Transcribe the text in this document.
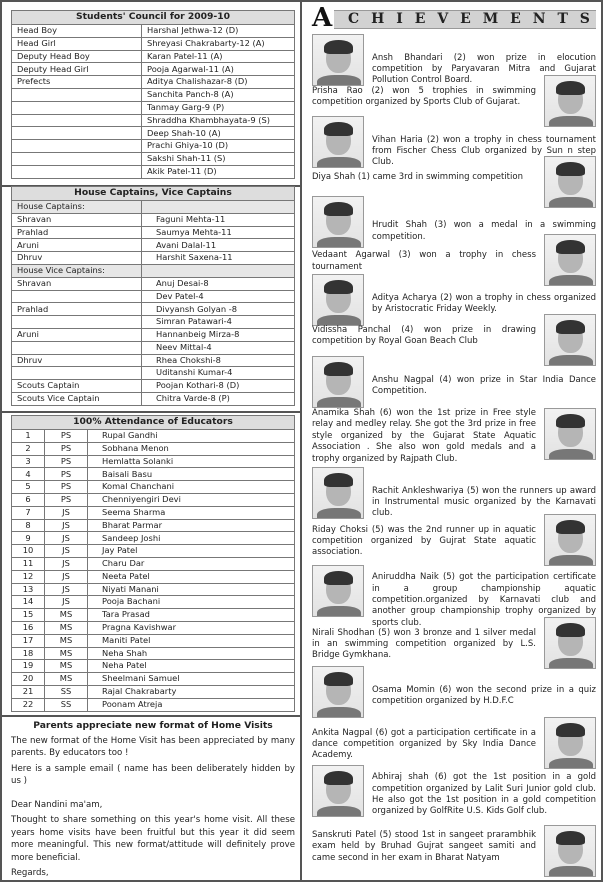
Students' Council for 2009-10	
Head Boy	Harshal Jethwa-12 (D)
Head Girl	Shreyasi Chakrabarty-12 (A)
Deputy Head Boy	Karan Patel-11 (A)
Deputy Head Girl	Pooja Agarwal-11 (A)
Prefects	Aditya Chalishazar-8 (D)
	Sanchita Panch-8 (A)
	Tanmay Garg-9 (P)
	Shraddha Khambhayata-9 (S)
	Deep Shah-10 (A)
	Prachi Ghiya-10 (D)
	Sakshi Shah-11 (S)
	Akik Patel-11 (D)
House Captains, Vice Captains	
House Captains:	
Shravan	Faguni Mehta-11
Prahlad	Saumya Mehta-11
Aruni	Avani Dalal-11
Dhruv	Harshit Saxena-11
House Vice Captains:	
Shravan	Anuj Desai-8
	Dev Patel-4
Prahlad	Divyansh Golyan -8
	Simran Patawari-4
Aruni	Hannanbeig Mirza-8
	Neev Mittal-4
Dhruv	Rhea Chokshi-8
	Uditanshi Kumar-4
Scouts Captain	Poojan Kothari-8 (D)
Scouts Vice Captain	Chitra Varde-8 (P)
100% Attendance of Educators		
1	PS	Rupal Gandhi
2	PS	Sobhana Menon
3	PS	Hemlatta Solanki
4	PS	Baisali Basu
5	PS	Komal Chanchani
6	PS	Chenniyengiri Devi
7	JS	Seema Sharma
8	JS	Bharat Parmar
9	JS	Sandeep Joshi
10	JS	Jay Patel
11	JS	Charu Dar
12	JS	Neeta Patel
13	JS	Niyati Manani
14	JS	Pooja Bachani
15	MS	Tara Prasad
16	MS	Pragna Kavishwar
17	MS	Maniti Patel
18	MS	Neha Shah
19	MS	Neha Patel
20	MS	Sheelmani Samuel
21	SS	Rajal Chakrabarty
22	SS	Poonam Atreja
Parents appreciate new format of Home Visits

The new format of the Home Visit has been appreciated by many parents. By educators too !

Here is a sample email ( name has been deliberately hidden by us )

Dear Nandini ma'am,

Thought to share something on this year's home visit. All these years home visits have been fruitful but this year it did seem more meaningful. This new format/attitude will definitely prove more beneficial.

Regards,

A C H I E V E M E N T S
Ansh Bhandari (2) won prize in elocution competition by Paryavaran Mitra and Gujarat Pollution Control Board.
Prisha Rao (2) won 5 trophies in swimming competition organized by Sports Club of Gujarat.
Vihan Haria (2) won a trophy in chess tournament from Fischer Chess Club organized by Sun n step Club.
Diya Shah (1) came 3rd in swimming competition
Hrudit Shah (3) won a medal in a swimming competition.
Vedaant Agarwal (3) won a trophy in chess tournament
Aditya Acharya (2) won a trophy in chess organized by Aristocratic Friday Weekly.
Vidissha Panchal (4) won prize in drawing competition by Royal Goan Beach Club
Anshu Nagpal (4) won prize in Star India Dance Competition.
Anamika Shah (6) won the 1st prize in Free style relay and medley relay. She got the 3rd prize in free style organized by the Gujarat State Aquatic Association . She also won gold medals and a trophy organized by Rajpath Club.
Rachit Ankleshwariya (5) won the runners up award in Instrumental music organized by the Karnavati club.
Riday Choksi (5) was the 2nd runner up in aquatic competition organized by Gujrat State aquatic association.
Aniruddha Naik (5) got the participation certificate in a group championship aquatic competition.organized by Karnavati club and another group championship trophy organized by sports club.
Nirali Shodhan (5) won 3 bronze and 1 silver medal in an swimming competition organized by L.S. Bridge Gymkhana.
Osama Momin (6) won the second prize in a quiz competition organized by H.D.F.C
Ankita Nagpal (6) got a participation certificate in a dance competition organized by Sky India Dance Academy.
Abhiraj shah (6) got the 1st position in a gold competition organized by Lalit Suri Junior gold club. He also got the 1st position in a gold competition organized by GolfRite U.S. Kids Golf club.
Sanskruti Patel (5) stood 1st in sangeet prarambhik exam held by Bruhad Gujrat sangeet samiti and came second in her exam in Bharat Natyam
